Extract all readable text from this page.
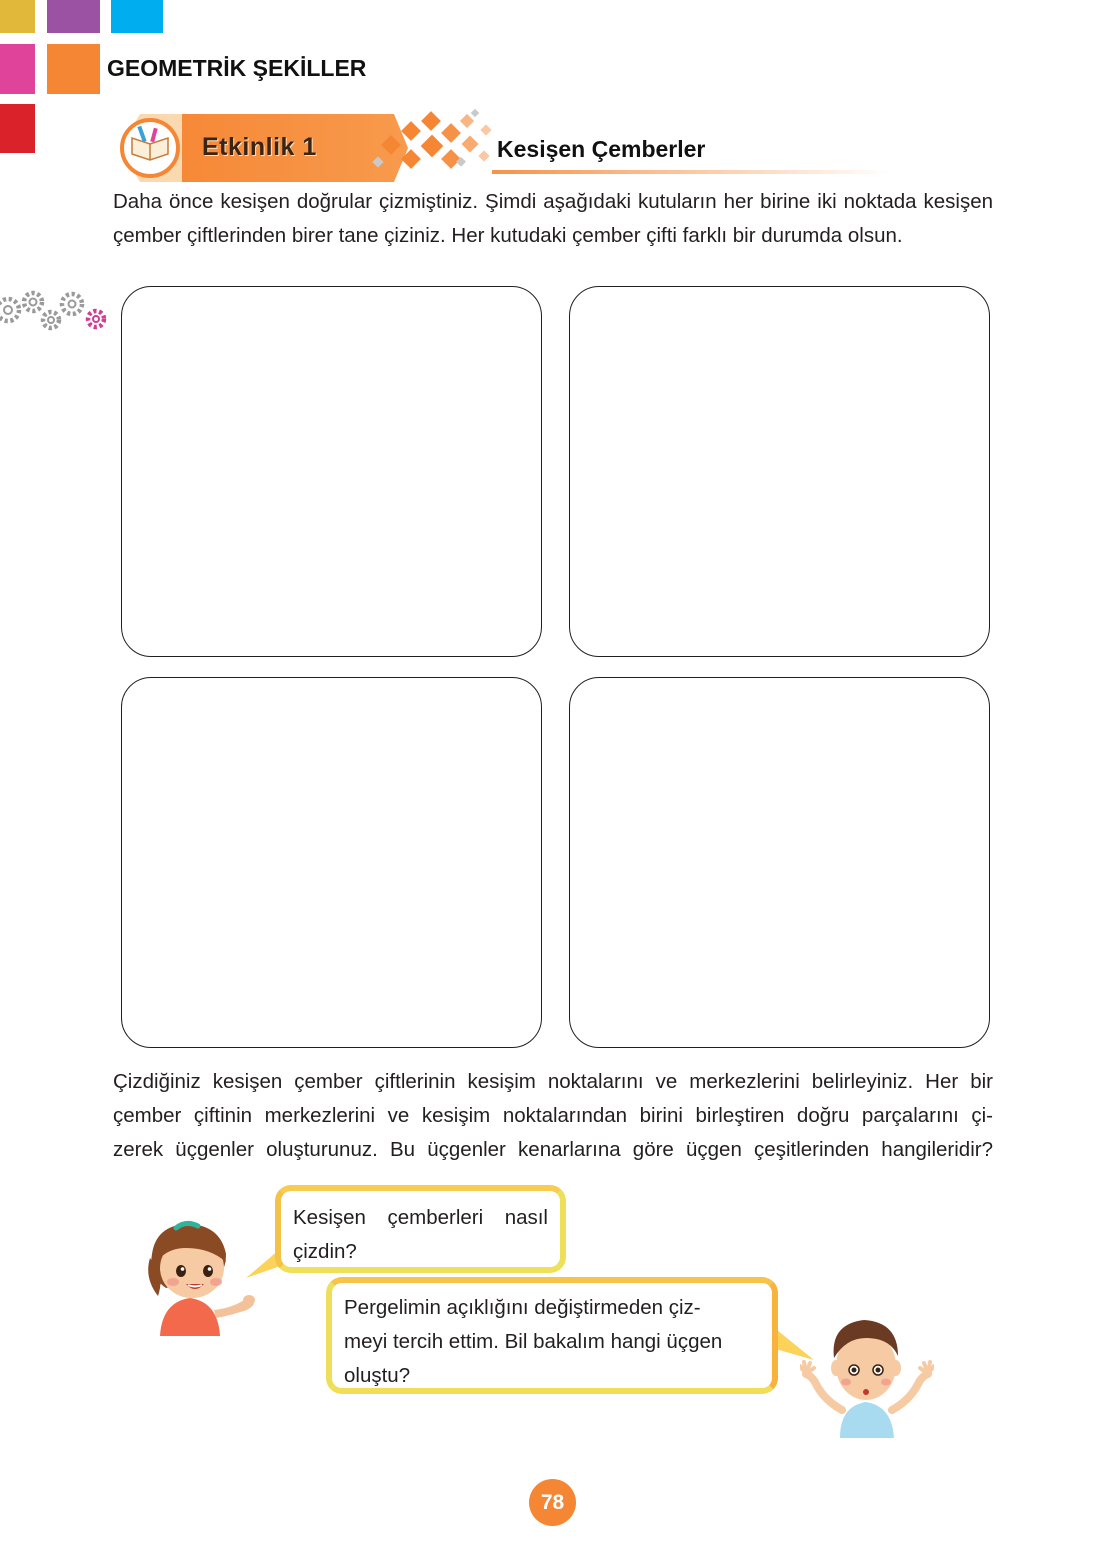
GEOMETRİK ŞEKİLLER
Etkinlik 1	Kesişen Çemberler
Daha önce kesişen doğrular çizmiştiniz. Şimdi aşağıdaki kutuların her birine iki noktada kesişen çember çiftlerinden birer tane çiziniz. Her kutudaki çember çifti farklı bir durumda olsun.
Çizdiğiniz kesişen çember çiftlerinin kesişim noktalarını ve merkezlerini belirleyiniz. Her bir
çember çiftinin merkezlerini ve kesişim noktalarından birini birleştiren doğru parçalarını çi-
zerek üçgenler oluşturunuz. Bu üçgenler kenarlarına göre üçgen çeşitlerinden hangileridir?
Kesişen çemberleri nasıl
çizdin?
Pergelimin açıklığını değiştirmeden çiz-
meyi tercih ettim. Bil bakalım hangi üçgen
oluştu?
78
